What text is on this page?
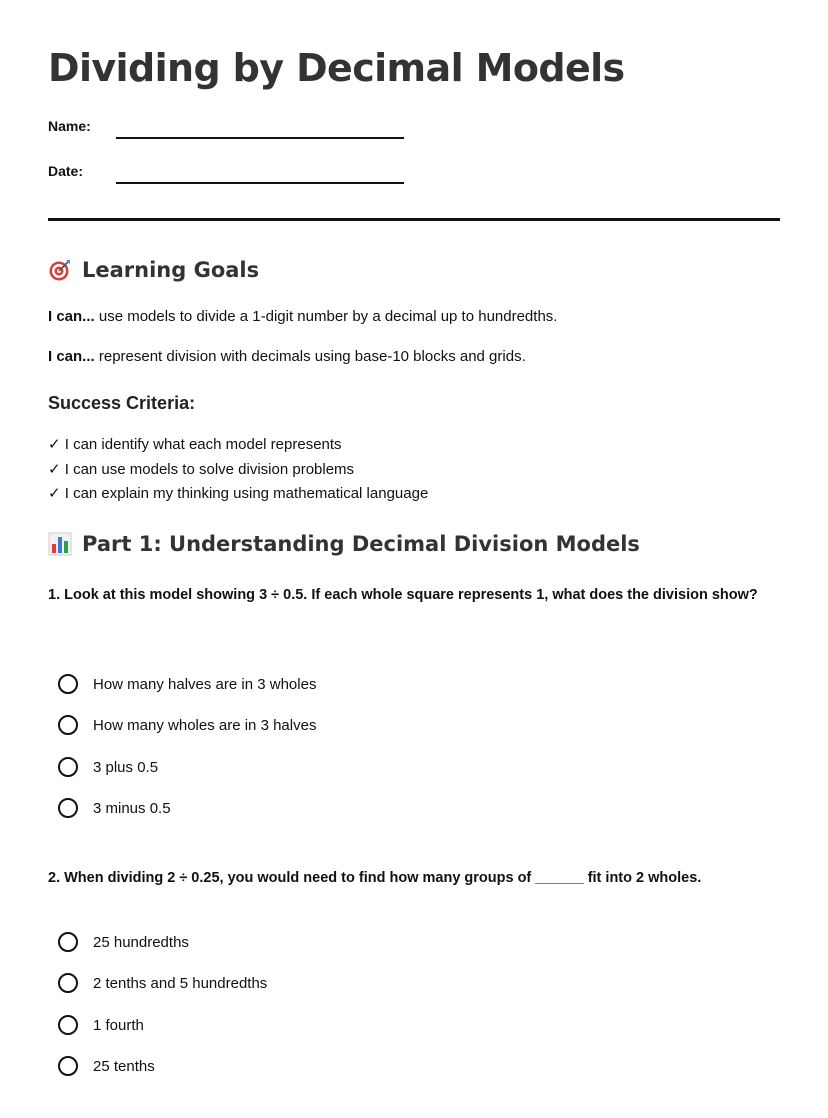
Dividing by Decimal Models
Name:
Date:
Learning Goals
I can... use models to divide a 1-digit number by a decimal up to hundredths.
I can... represent division with decimals using base-10 blocks and grids.
Success Criteria:
✓ I can identify what each model represents
✓ I can use models to solve division problems
✓ I can explain my thinking using mathematical language
Part 1: Understanding Decimal Division Models
1. Look at this model showing 3 ÷ 0.5. If each whole square represents 1, what does the division show?
How many halves are in 3 wholes
How many wholes are in 3 halves
3 plus 0.5
3 minus 0.5
2. When dividing 2 ÷ 0.25, you would need to find how many groups of ______ fit into 2 wholes.
25 hundredths
2 tenths and 5 hundredths
1 fourth
25 tenths
